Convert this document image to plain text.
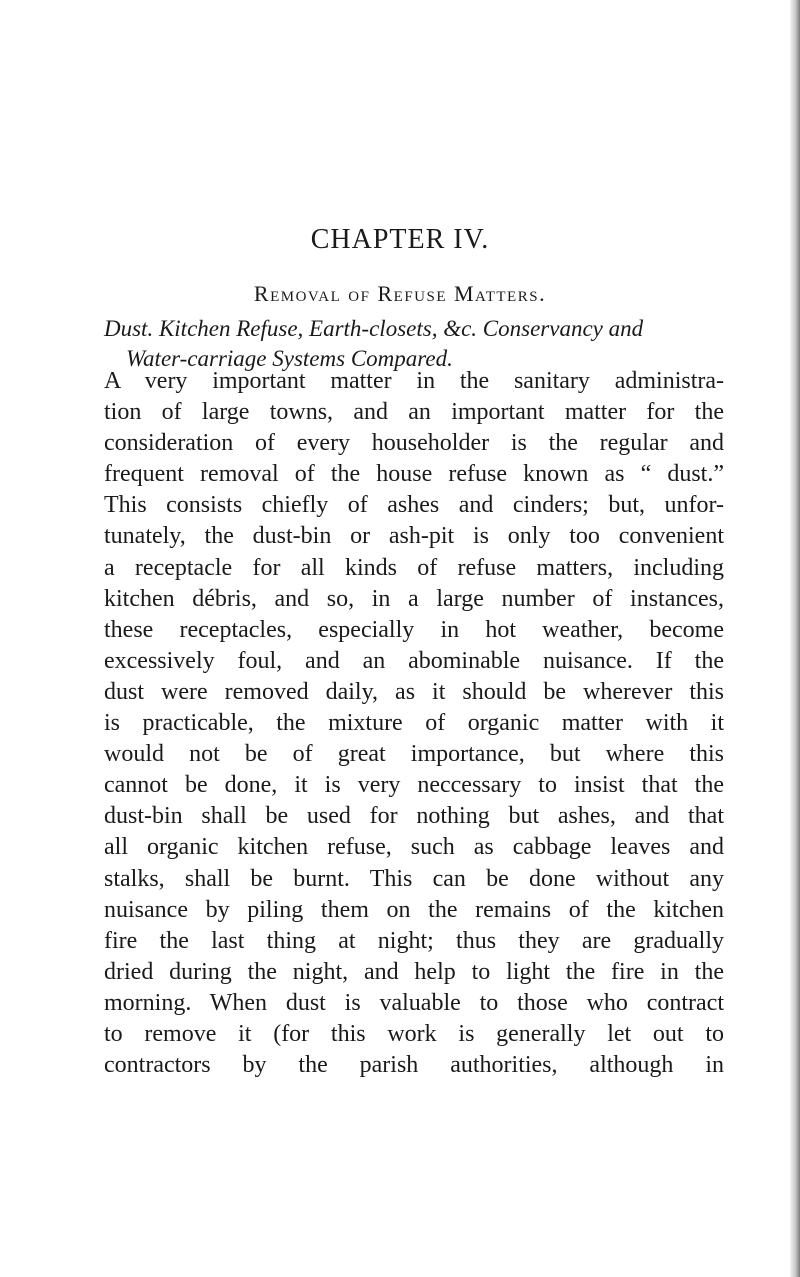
CHAPTER IV.
Removal of Refuse Matters.

Dust. Kitchen Refuse, Earth-closets, &c. Conservancy and
Water-carriage Systems Compared.

A very important matter in the sanitary administra-
tion of large towns, and an important matter for the
consideration of every householder is the regular and
frequent removal of the house refuse known as “ dust.”
This consists chiefly of ashes and cinders; but, unfor-
tunately, the dust-bin or ash-pit is only too convenient
a receptacle for all kinds of refuse matters, including
kitchen débris, and so, in a large number of instances,
these receptacles, especially in hot weather, become
excessively foul, and an abominable nuisance. If the
dust were removed daily, as it should be wherever this
is practicable, the mixture of organic matter with it
would not be of great importance, but where this
cannot be done, it is very neccessary to insist that the
dust-bin shall be used for nothing but ashes, and that
all organic kitchen refuse, such as cabbage leaves and
stalks, shall be burnt. This can be done without any
nuisance by piling them on the remains of the kitchen
fire the last thing at night; thus they are gradually
dried during the night, and help to light the fire in the
morning. When dust is valuable to those who contract
to remove it (for this work is generally let out to
contractors by the parish authorities, although in
